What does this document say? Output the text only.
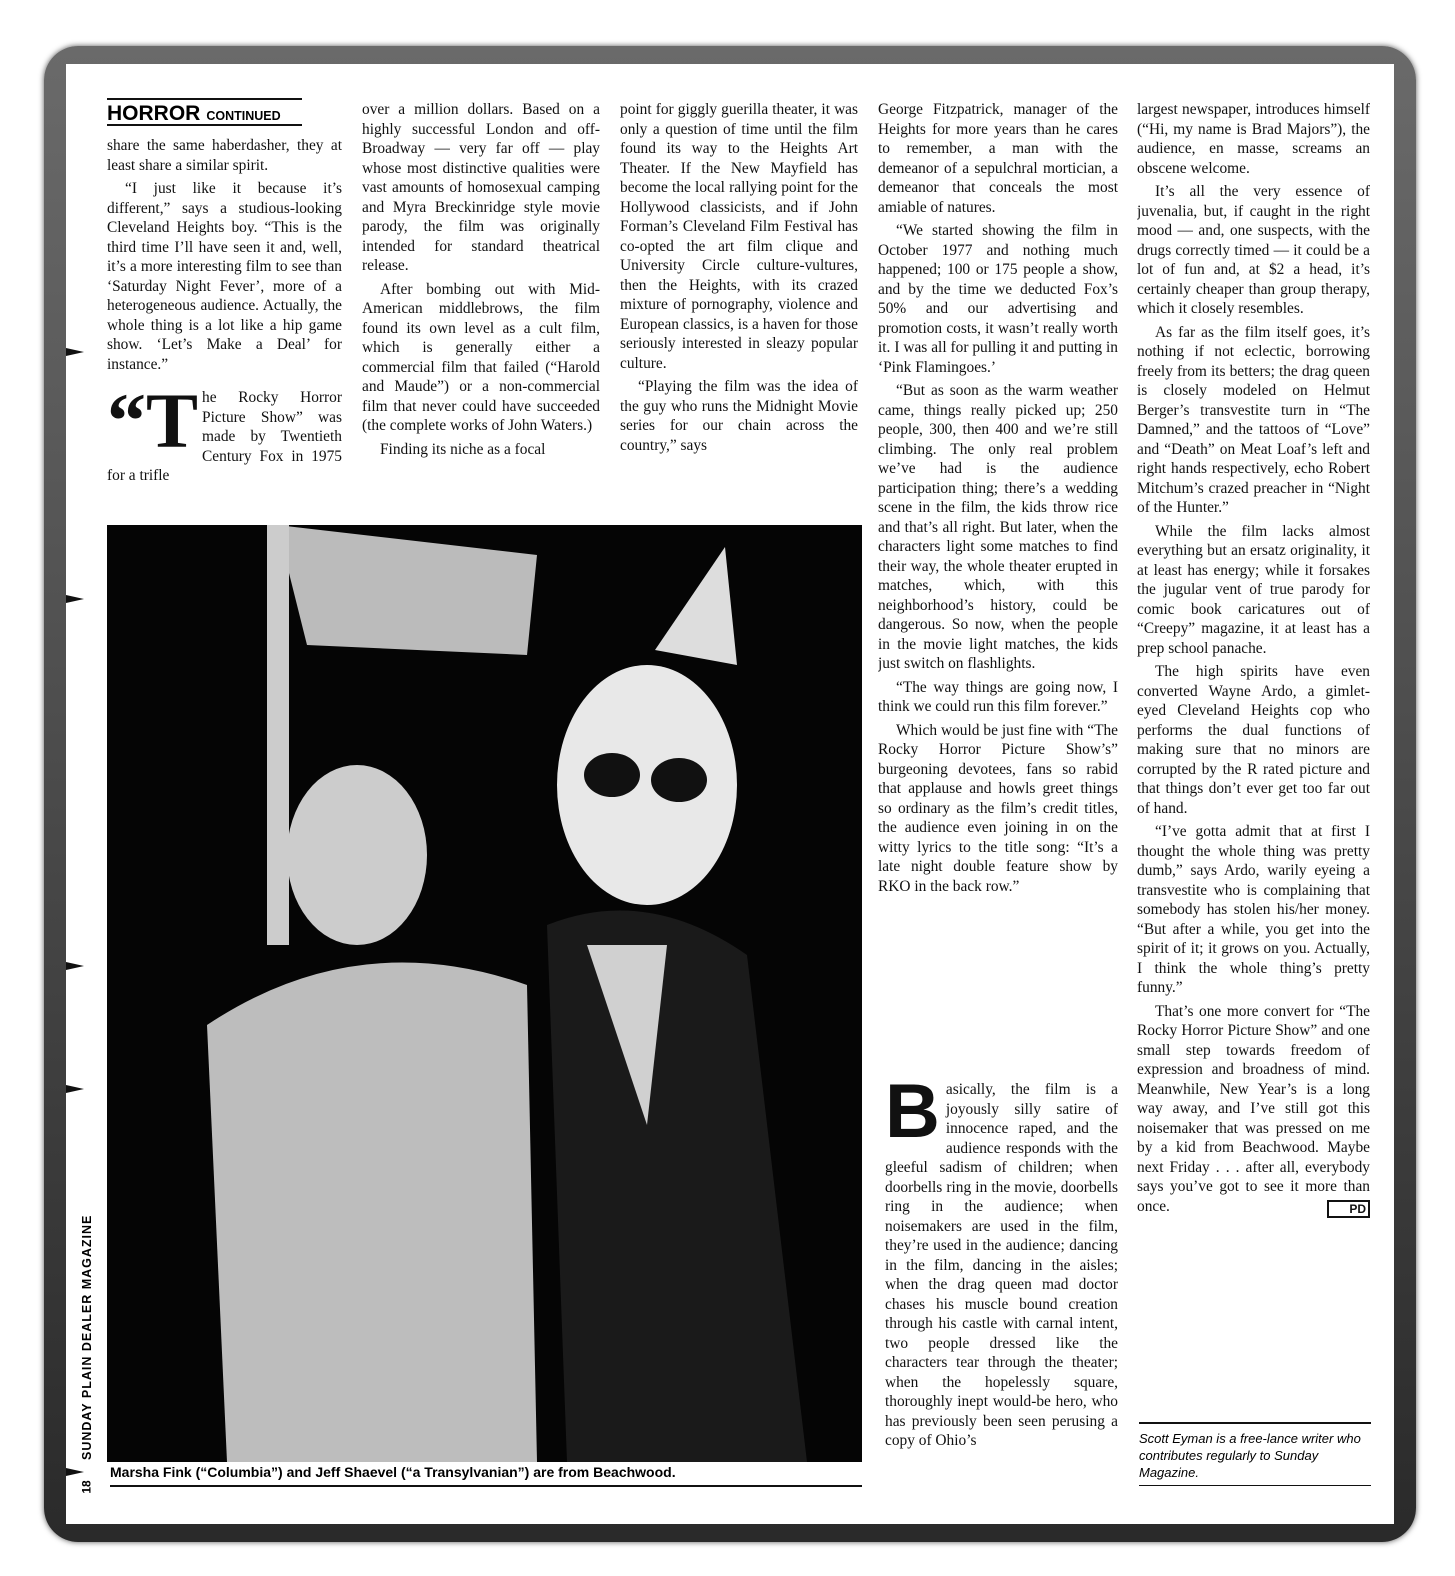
HORROR CONTINUED

share the same haberdasher, they at least share a similar spirit.

“I just like it because it’s different,” says a studious-looking Cleveland Heights boy. “This is the third time I’ll have seen it and, well, it’s a more interesting film to see than ‘Saturday Night Fever’, more of a heterogeneous audience. Actually, the whole thing is a lot like a hip game show. ‘Let’s Make a Deal’ for instance.”

“T he Rocky Horror Picture Show” was made by Twentieth Century Fox in 1975 for a trifle

over a million dollars. Based on a highly successful London and off-Broadway — very far off — play whose most distinctive qualities were vast amounts of homosexual camping and Myra Breckinridge style movie parody, the film was originally intended for standard theatrical release.

After bombing out with Mid-American middlebrows, the film found its own level as a cult film, which is generally either a commercial film that failed (“Harold and Maude”) or a non-commercial film that never could have succeeded (the complete works of John Waters.)

Finding its niche as a focal

point for giggly guerilla theater, it was only a question of time until the film found its way to the Heights Art Theater. If the New Mayfield has become the local rallying point for the Hollywood classicists, and if John Forman’s Cleveland Film Festival has co-opted the art film clique and University Circle culture-vultures, then the Heights, with its crazed mixture of pornography, violence and European classics, is a haven for those seriously interested in sleazy popular culture.

“Playing the film was the idea of the guy who runs the Midnight Movie series for our chain across the country,” says

Marsha Fink (“Columbia”) and Jeff Shaevel (“a Transylvanian”) are from Beachwood.

George Fitzpatrick, manager of the Heights for more years than he cares to remember, a man with the demeanor of a sepulchral mortician, a demeanor that conceals the most amiable of natures.

“We started showing the film in October 1977 and nothing much happened; 100 or 175 people a show, and by the time we deducted Fox’s 50% and our advertising and promotion costs, it wasn’t really worth it. I was all for pulling it and putting in ‘Pink Flamingoes.’

“But as soon as the warm weather came, things really picked up; 250 people, 300, then 400 and we’re still climbing. The only real problem we’ve had is the audience participation thing; there’s a wedding scene in the film, the kids throw rice and that’s all right. But later, when the characters light some matches to find their way, the whole theater erupted in matches, which, with this neighborhood’s history, could be dangerous. So now, when the people in the movie light matches, the kids just switch on flashlights.

“The way things are going now, I think we could run this film forever.”

Which would be just fine with “The Rocky Horror Picture Show’s” burgeoning devotees, fans so rabid that applause and howls greet things so ordinary as the film’s credit titles, the audience even joining in on the witty lyrics to the title song: “It’s a late night double feature show by RKO in the back row.”

Basically, the film is a joyously silly satire of innocence raped, and the audience responds with the gleeful sadism of children; when doorbells ring in the movie, doorbells ring in the audience; when noisemakers are used in the film, they’re used in the audience; dancing in the film, dancing in the aisles; when the drag queen mad doctor chases his muscle bound creation through his castle with carnal intent, two people dressed like the characters tear through the theater; when the hopelessly square, thoroughly inept would-be hero, who has previously been seen perusing a copy of Ohio’s

largest newspaper, introduces himself (“Hi, my name is Brad Majors”), the audience, en masse, screams an obscene welcome.

It’s all the very essence of juvenalia, but, if caught in the right mood — and, one suspects, with the drugs correctly timed — it could be a lot of fun and, at $2 a head, it’s certainly cheaper than group therapy, which it closely resembles.

As far as the film itself goes, it’s nothing if not eclectic, borrowing freely from its betters; the drag queen is closely modeled on Helmut Berger’s transvestite turn in “The Damned,” and the tattoos of “Love” and “Death” on Meat Loaf’s left and right hands respectively, echo Robert Mitchum’s crazed preacher in “Night of the Hunter.”

While the film lacks almost everything but an ersatz originality, it at least has energy; while it forsakes the jugular vent of true parody for comic book caricatures out of “Creepy” magazine, it at least has a prep school panache.

The high spirits have even converted Wayne Ardo, a gimlet-eyed Cleveland Heights cop who performs the dual functions of making sure that no minors are corrupted by the R rated picture and that things don’t ever get too far out of hand.

“I’ve gotta admit that at first I thought the whole thing was pretty dumb,” says Ardo, warily eyeing a transvestite who is complaining that somebody has stolen his/her money. “But after a while, you get into the spirit of it; it grows on you. Actually, I think the whole thing’s pretty funny.”

That’s one more convert for “The Rocky Horror Picture Show” and one small step towards freedom of expression and broadness of mind. Meanwhile, New Year’s is a long way away, and I’ve still got this noisemaker that was pressed on me by a kid from Beachwood. Maybe next Friday . . . after all, everybody says you’ve got to see it more than once.	PD

Scott Eyman is a free-lance writer who contributes regularly to Sunday Magazine.
SUNDAY PLAIN DEALER MAGAZINE
18
